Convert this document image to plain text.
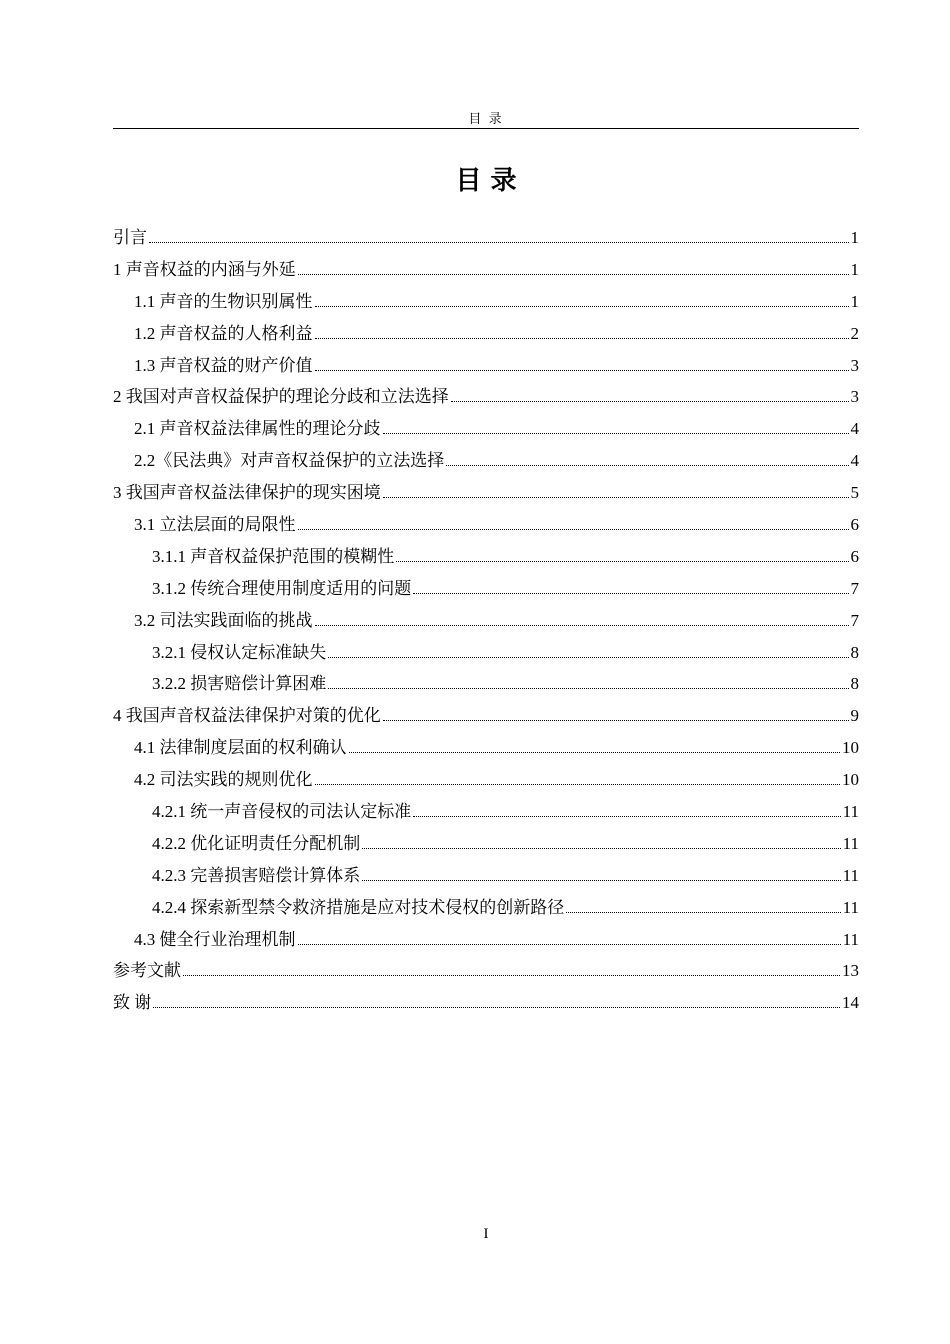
目 录
目 录
引言	1
1 声音权益的内涵与外延	1
1.1 声音的生物识别属性	1
1.2 声音权益的人格利益	2
1.3 声音权益的财产价值	3
2 我国对声音权益保护的理论分歧和立法选择	3
2.1 声音权益法律属性的理论分歧	4
2.2《民法典》对声音权益保护的立法选择	4
3 我国声音权益法律保护的现实困境	5
3.1 立法层面的局限性	6
3.1.1 声音权益保护范围的模糊性	6
3.1.2 传统合理使用制度适用的问题	7
3.2 司法实践面临的挑战	7
3.2.1 侵权认定标准缺失	8
3.2.2 损害赔偿计算困难	8
4 我国声音权益法律保护对策的优化	9
4.1 法律制度层面的权利确认	10
4.2 司法实践的规则优化	10
4.2.1 统一声音侵权的司法认定标准	11
4.2.2 优化证明责任分配机制	11
4.2.3 完善损害赔偿计算体系	11
4.2.4 探索新型禁令救济措施是应对技术侵权的创新路径	11
4.3 健全行业治理机制	11
参考文献	13
致 谢	14
I
